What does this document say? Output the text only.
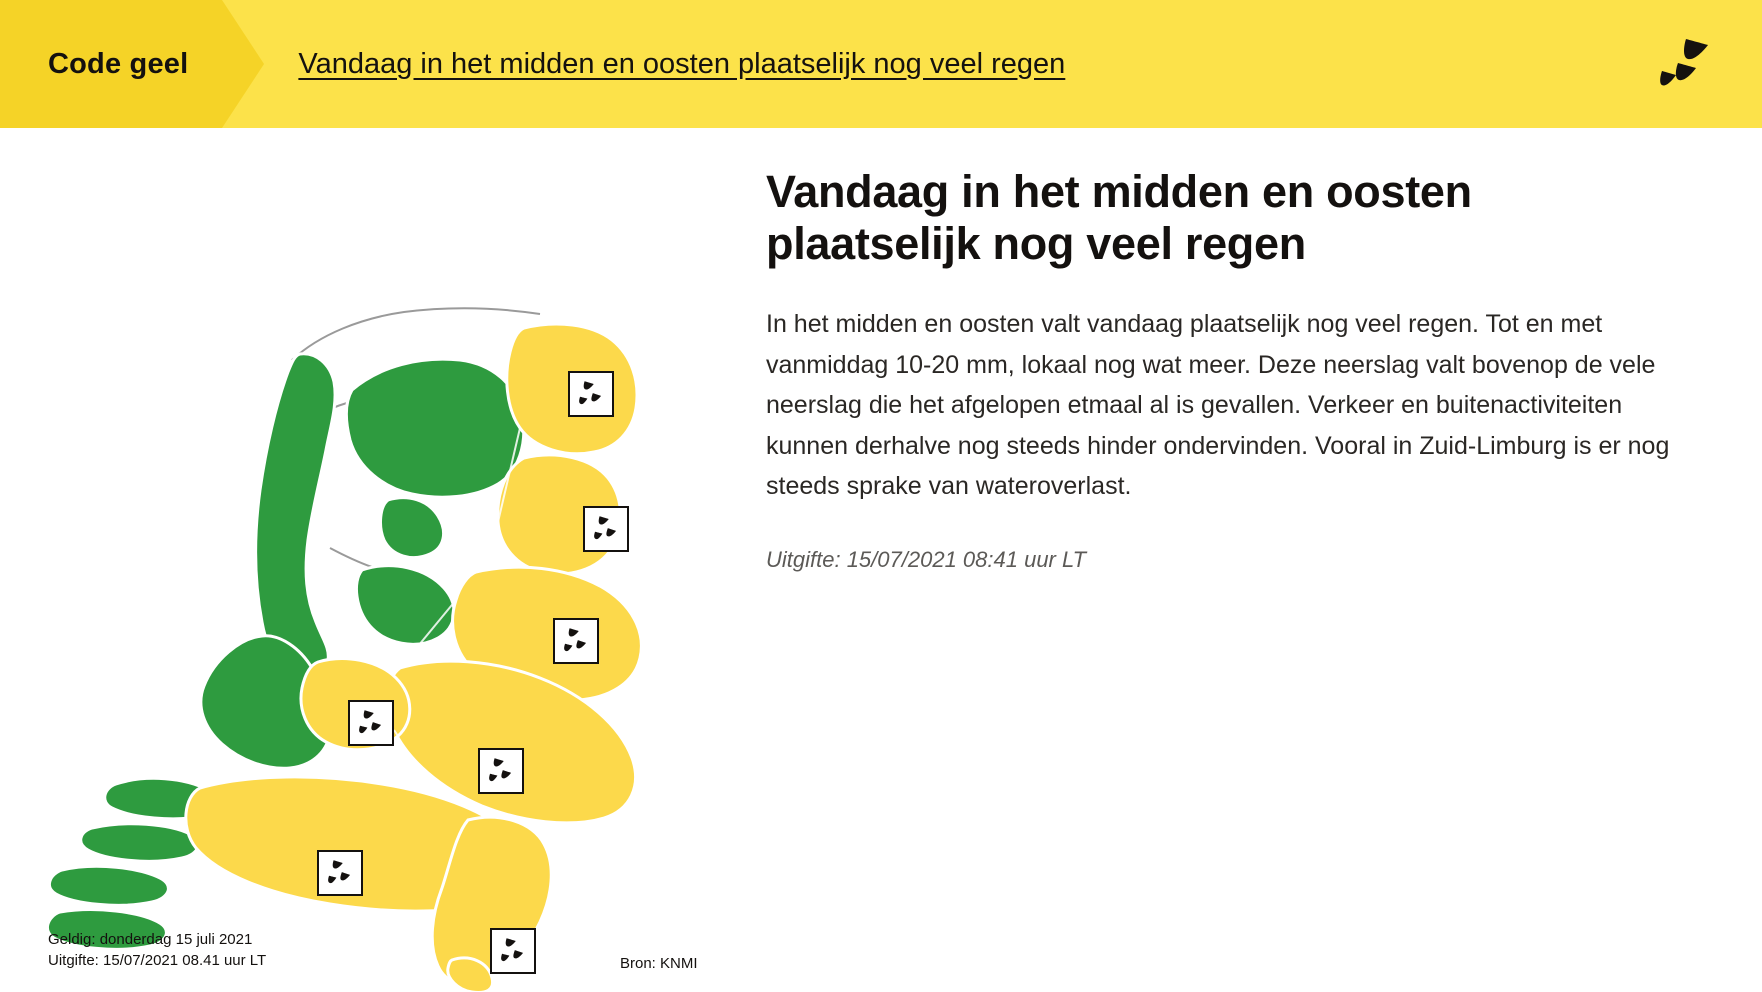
Code geel	Vandaag in het midden en oosten plaatselijk nog veel regen
Geldig: donderdag 15 juli 2021
Uitgifte: 15/07/2021 08.41 uur LT	Bron: KNMI
Vandaag in het midden en oosten plaatselijk nog veel regen

In het midden en oosten valt vandaag plaatselijk nog veel regen. Tot en met vanmiddag 10-20 mm, lokaal nog wat meer. Deze neerslag valt bovenop de vele neerslag die het afgelopen etmaal al is gevallen. Verkeer en buitenactiviteiten kunnen derhalve nog steeds hinder ondervinden. Vooral in Zuid-Limburg is er nog steeds sprake van wateroverlast.

Uitgifte: 15/07/2021 08:41 uur LT
